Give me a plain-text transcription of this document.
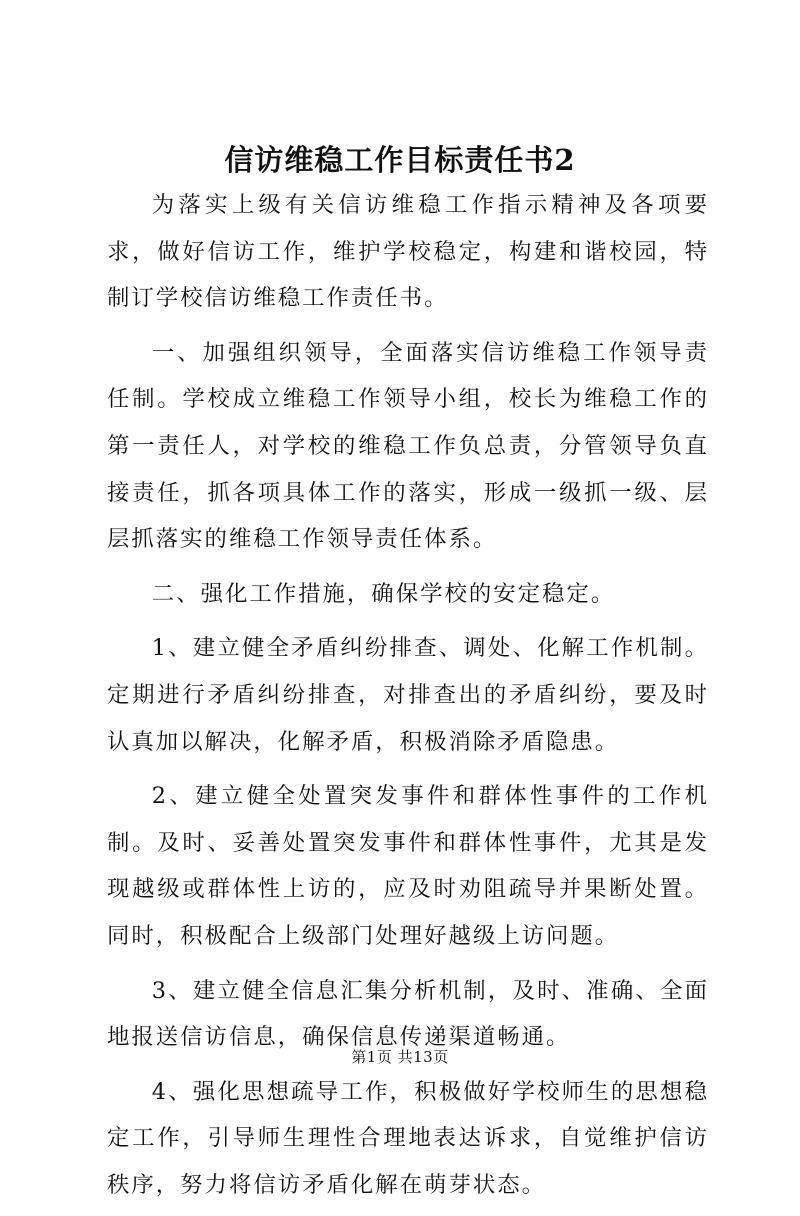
信访维稳工作目标责任书2

为落实上级有关信访维稳工作指示精神及各项要求，做好信访工作，维护学校稳定，构建和谐校园，特制订学校信访维稳工作责任书。

一、加强组织领导，全面落实信访维稳工作领导责任制。学校成立维稳工作领导小组，校长为维稳工作的第一责任人，对学校的维稳工作负总责，分管领导负直接责任，抓各项具体工作的落实，形成一级抓一级、层层抓落实的维稳工作领导责任体系。

二、强化工作措施，确保学校的安定稳定。

1、建立健全矛盾纠纷排查、调处、化解工作机制。定期进行矛盾纠纷排查，对排查出的矛盾纠纷，要及时认真加以解决，化解矛盾，积极消除矛盾隐患。

2、建立健全处置突发事件和群体性事件的工作机制。及时、妥善处置突发事件和群体性事件，尤其是发现越级或群体性上访的，应及时劝阻疏导并果断处置。同时，积极配合上级部门处理好越级上访问题。

3、建立健全信息汇集分析机制，及时、准确、全面地报送信访信息，确保信息传递渠道畅通。

4、强化思想疏导工作，积极做好学校师生的思想稳定工作，引导师生理性合理地表达诉求，自觉维护信访秩序，努力将信访矛盾化解在萌芽状态。

第1页 共13页
